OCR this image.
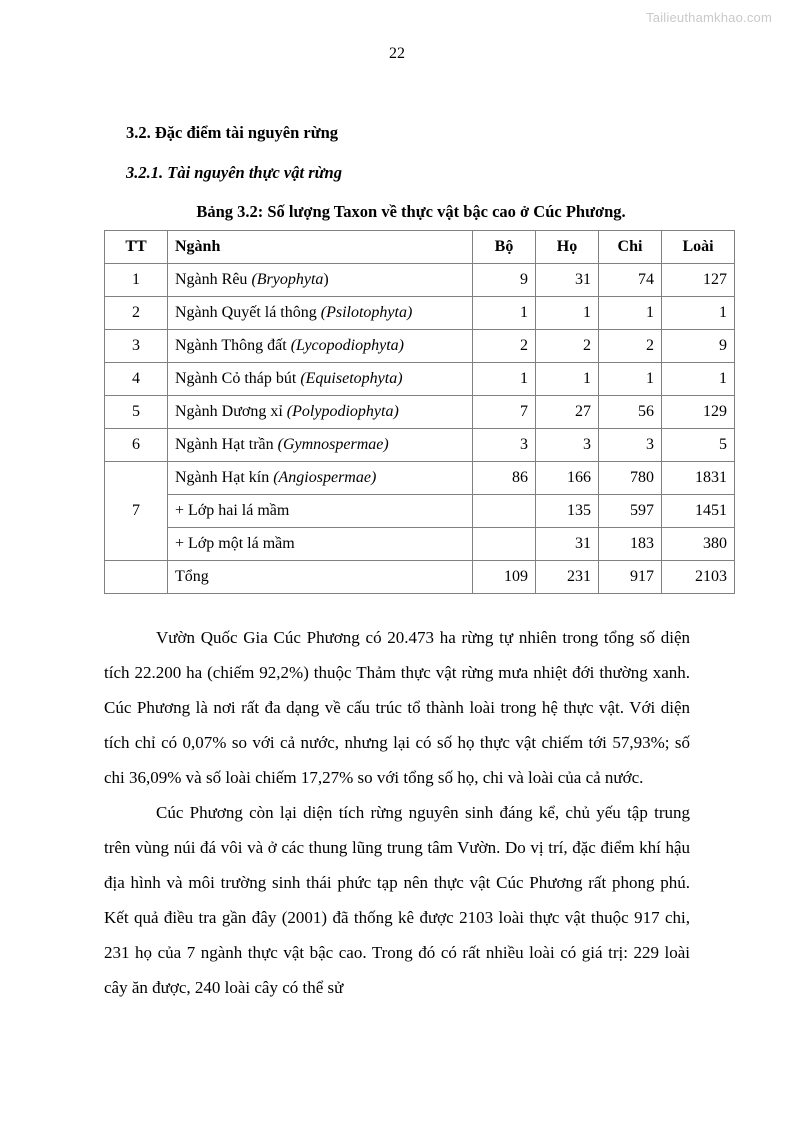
Tailieuthamkhao.com
22
3.2. Đặc điểm tài nguyên rừng
3.2.1. Tài nguyên thực vật rừng
Bảng 3.2: Số lượng Taxon về thực vật bậc cao ở Cúc Phương.
TT	Ngành	Bộ	Họ	Chi	Loài
1	Ngành Rêu (Bryophyta)	9	31	74	127
2	Ngành Quyết lá thông (Psilotophyta)	1	1	1	1
3	Ngành Thông đất (Lycopodiophyta)	2	2	2	9
4	Ngành Cỏ tháp bút (Equisetophyta)	1	1	1	1
5	Ngành Dương xỉ (Polypodiophyta)	7	27	56	129
6	Ngành Hạt trần (Gymnospermae)	3	3	3	5
7	Ngành Hạt kín (Angiospermae)	86	166	780	1831
	+ Lớp hai lá mầm		135	597	1451
	+ Lớp một lá mầm		31	183	380
	Tổng	109	231	917	2103

Vườn Quốc Gia Cúc Phương có 20.473 ha rừng tự nhiên trong tổng số diện tích 22.200 ha (chiếm 92,2%) thuộc Thảm thực vật rừng mưa nhiệt đới thường xanh. Cúc Phương là nơi rất đa dạng về cấu trúc tổ thành loài trong hệ thực vật. Với diện tích chỉ có 0,07% so với cả nước, nhưng lại có số họ thực vật chiếm tới 57,93%; số chi 36,09% và số loài chiếm 17,27% so với tổng số họ, chi và loài của cả nước.

Cúc Phương còn lại diện tích rừng nguyên sinh đáng kể, chủ yếu tập trung trên vùng núi đá vôi và ở các thung lũng trung tâm Vườn. Do vị trí, đặc điểm khí hậu địa hình và môi trường sinh thái phức tạp nên thực vật Cúc Phương rất phong phú. Kết quả điều tra gần đây (2001) đã thống kê được 2103 loài thực vật thuộc 917 chi, 231 họ của 7 ngành thực vật bậc cao. Trong đó có rất nhiều loài có giá trị: 229 loài cây ăn được, 240 loài cây có thể sử
